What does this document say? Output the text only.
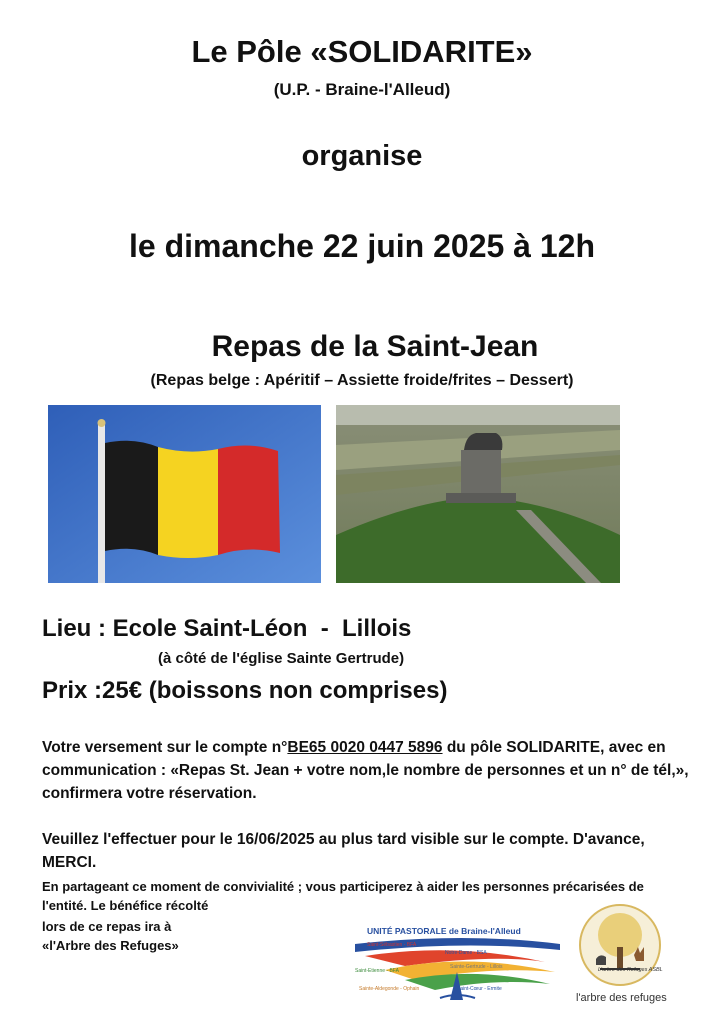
Le Pôle «SOLIDARITE»
(U.P. - Braine-l'Alleud)
organise
le dimanche 22 juin 2025 à 12h
Repas de la Saint-Jean
(Repas belge : Apéritif – Assiette froide/frites – Dessert)
Lieu : Ecole Saint-Léon  -  Lillois
(à côté de l'église Sainte Gertrude)
Prix :25€ (boissons non comprises)
Votre versement sur le compte n°BE65 0020 0447 5896 du pôle SOLIDARITE, avec en communication : «Repas St. Jean + votre nom,le nombre de personnes et un n° de tél,», confirmera votre réservation.
Veuillez l'effectuer pour le 16/06/2025 au plus tard visible sur le compte. D'avance, MERCI.
En partageant ce moment de convivialité ; vous participerez à aider les personnes précarisées de l'entité. Le bénéfice récolté
lors de ce repas ira à
«l'Arbre des Refuges»
UNITÉ PASTORALE de Braine-l'Alleud
Saint-Sébastien - BFA
Notre-Dame - BSA
Saint-Etienne - BFA
Sainte-Gertrude - Lillois
Sainte-Aldegonde - Ophain	Saint-Cœur - Ermite
L'arbre des Refuges ASBL
l'arbre des refuges
